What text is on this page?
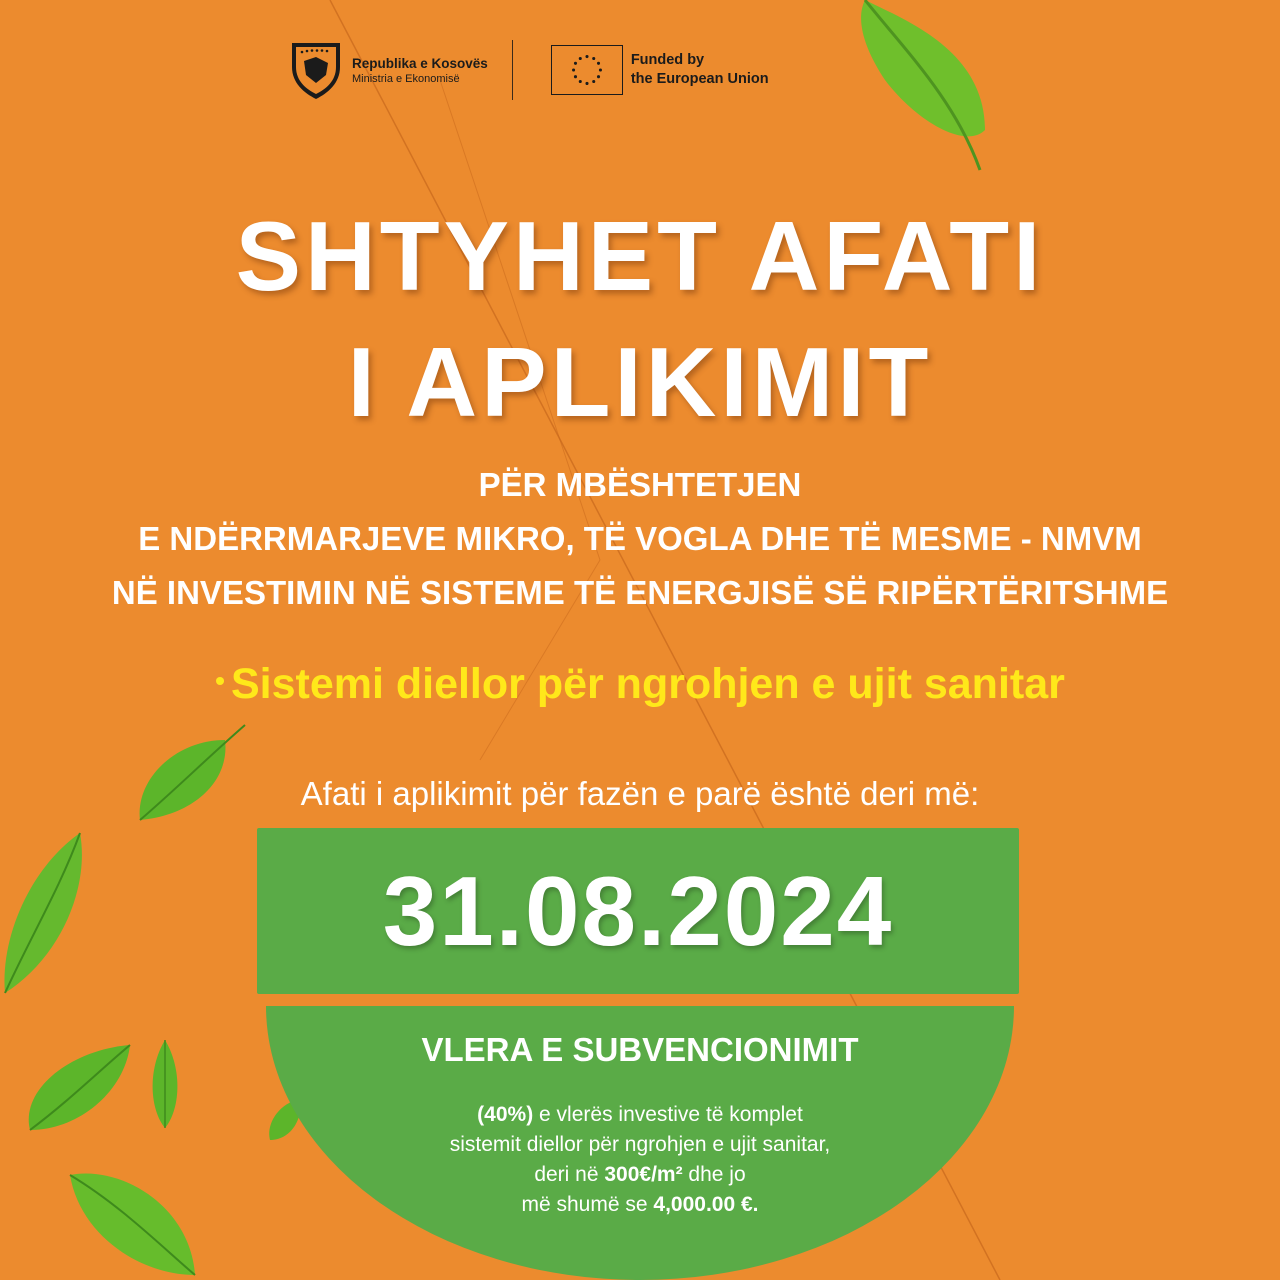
Republika e Kosovës
Ministria e Ekonomisë
Funded by
the European Union
SHTYHET AFATI
I APLIKIMIT
PËR MBËSHTETJEN
E NDËRRMARJEVE MIKRO, TË VOGLA DHE TË MESME - NMVM
NË INVESTIMIN NË SISTEME TË ENERGJISË SË RIPËRTËRITSHME
• Sistemi diellor për ngrohjen e ujit sanitar
Afati i aplikimit për fazën e parë është deri më:
31.08.2024
VLERA E SUBVENCIONIMIT
(40%) e vlerës investive të komplet
sistemit diellor për ngrohjen e ujit sanitar,
deri në 300€/m² dhe jo
më shumë se 4,000.00 €.
